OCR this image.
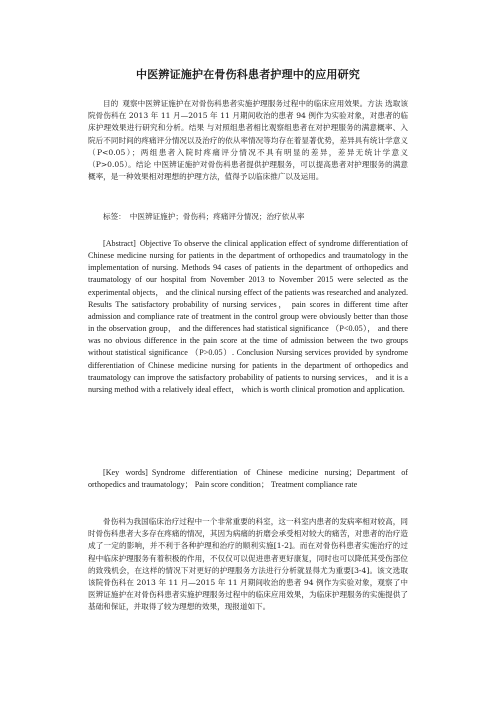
中医辨证施护在骨伤科患者护理中的应用研究
目的 观察中医辨证施护在对骨伤科患者实施护理服务过程中的临床应用效果。方法 选取该院骨伤科在 2013 年 11 月—2015 年 11 月期间收治的患者 94 例作为实验对象，对患者的临床护理效果进行研究和分析。结果 与对照组患者相比观察组患者在对护理服务的满意概率、入院后不同时间的疼痛评分情况以及治疗的依从率情况等均存在着显著优势，差异具有统计学意义（P<0.05）；两组患者入院时疼痛评分情况不具有明显的差异，差异无统计学意义（P>0.05）。结论 中医辨证施护对骨伤科患者提供护理服务，可以提高患者对护理服务的满意概率，是一种效果相对理想的护理方法，值得予以临床推广以及运用。
标签： 中医辨证施护；骨伤科；疼痛评分情况；治疗依从率
[Abstract] Objective To observe the clinical application effect of syndrome differentiation of Chinese medicine nursing for patients in the department of orthopedics and traumatology in the implementation of nursing. Methods 94 cases of patients in the department of orthopedics and traumatology of our hospital from November 2013 to November 2015 were selected as the experimental objects， and the clinical nursing effect of the patients was researched and analyzed. Results The satisfactory probability of nursing services， pain scores in different time after admission and compliance rate of treatment in the control group were obviously better than those in the observation group， and the differences had statistical significance （P<0.05）， and there was no obvious difference in the pain score at the time of admission between the two groups without statistical significance （P>0.05）. Conclusion Nursing services provided by syndrome differentiation of Chinese medicine nursing for patients in the department of orthopedics and traumatology can improve the satisfactory probability of patients to nursing services， and it is a nursing method with a relatively ideal effect， which is worth clinical promotion and application.
[Key words] Syndrome differentiation of Chinese medicine nursing；Department of orthopedics and traumatology； Pain score condition； Treatment compliance rate
骨伤科为我国临床治疗过程中一个非常重要的科室，这一科室内患者的发病率相对较高，同时骨伤科患者大多存在疼痛的情况，其因为病痛的折磨会承受相对较大的痛苦，对患者的治疗造成了一定的影响，并不利于各种护理和治疗的顺利实施[1-2]。而在对骨伤科患者实施治疗的过程中临床护理服务有着积极的作用，不仅仅可以促进患者更好康复，同时也可以降低其受伤部位的致残机会，在这样的情况下对更好的护理服务方法进行分析就显得尤为重要[3-4]。该文选取该院骨伤科在 2013 年 11 月—2015 年 11 月期间收治的患者 94 例作为实验对象，观察了中医辨证施护在对骨伤科患者实施护理服务过程中的临床应用效果，为临床护理服务的实施提供了基础和保证，并取得了较为理想的效果，现报道如下。
